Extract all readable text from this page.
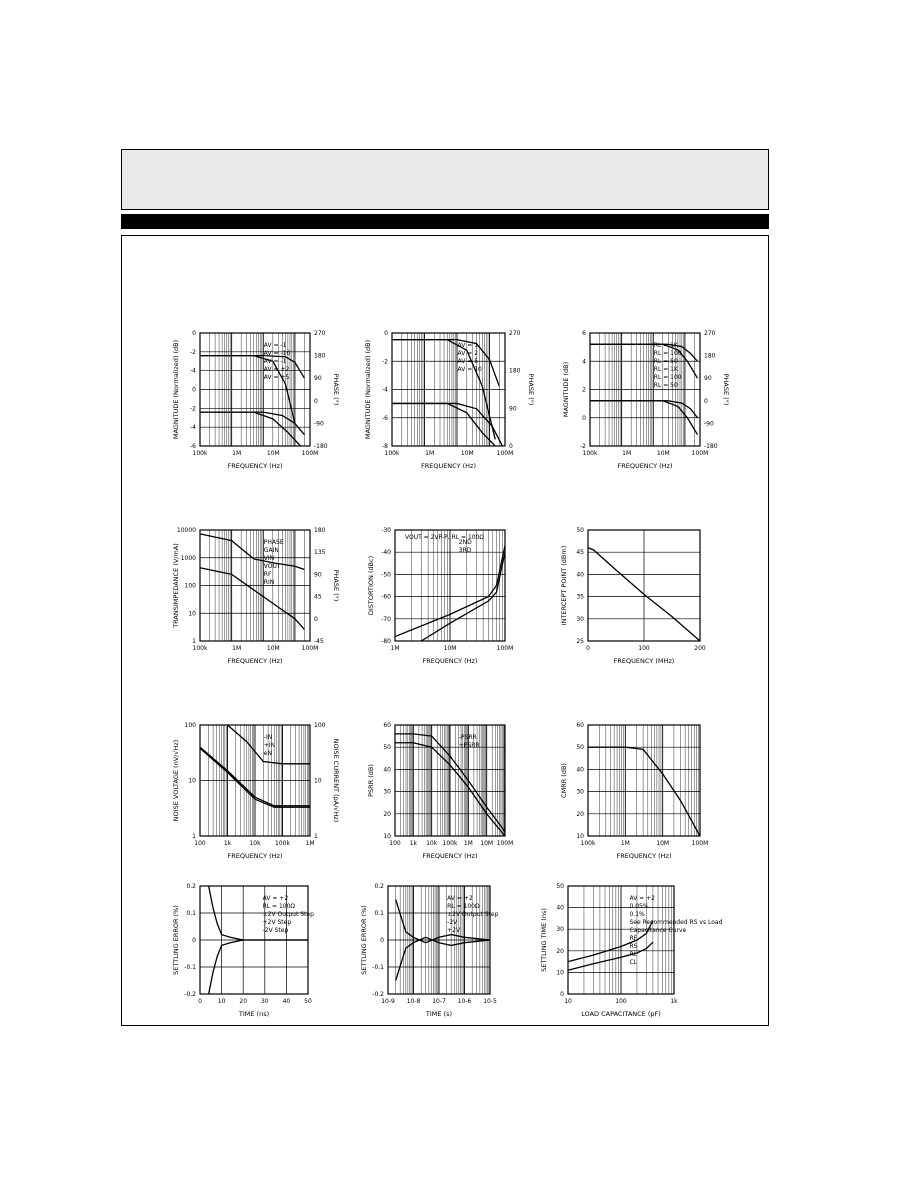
100k	1M	10M	100M
0
-2
-4
0
-2
-4
-6
270
180
90
0
-90
-180
FREQUENCY (Hz)
MAGNITUDE (Normalized) (dB)	PHASE (°)
AV = -1
AV = -10
AV = -1
AV = +2
AV = +5
100k	1M	10M	100M
0
-2
-4
-6
-8
270
180
90
0
FREQUENCY (Hz)
MAGNITUDE (Normalized) (dB)	PHASE (°)
AV = 1
AV = 2
AV = 5
AV = 10
100k	1M	10M	100M
6
4
2
0
-2
270
180
90
0
-90
-180
FREQUENCY (Hz)
MAGNITUDE (dB)	PHASE (°)
RL = 1K
RL = 100
RL = 50
RL = 1K
RL = 100
RL = 50
100k	1M	10M	100M
10000
1000
100
10
1
180
135
90
45
0
-45
FREQUENCY (Hz)
TRANSIMPEDANCE (V/mA)	PHASE (°)
PHASE
GAIN
VIN
VOUT
RF
RIN
1M	10M	100M
-30
-40
-50
-60
-70
-80
FREQUENCY (Hz)
DISTORTION (dBc)
VOUT = 2VP-P, RL = 100Ω
2ND
3RD
0	100	200
50
45
40
35
30
25
FREQUENCY (MHz)
INTERCEPT POINT (dBm)
100	1k	10k 100k	1M
100
10
1
100
10
1
FREQUENCY (Hz)
NOISE VOLTAGE (nV/√Hz)	NOISE CURRENT (pA/√Hz)
-IN
+IN
eN
100 1k 10k 100k 1M 10M 100M
60
50
40
30
20
10
FREQUENCY (Hz)
PSRR (dB)
-PSRR
+PSRR
100k	1M	10M	100M
60
50
40
30
20
10
FREQUENCY (Hz)
CMRR (dB)
0	10 20 30 40 50
0.2
0.1
0
-0.1
-0.2
TIME (ns)
SETTLING ERROR (%)
AV = +2
RL = 100Ω
±2V Output Step
+2V Step
-2V Step
10-9 10-8 10-7 10-6 10-5
0.2
0.1
0
-0.1
-0.2
TIME (s)
SETTLING ERROR (%)
AV = +2
RL = 100Ω
±2V Output Step
-2V
+2V
10	100	1k
50
40
30
20
10
0
LOAD CAPACITANCE (pF)
SETTLING TIME (ns)
AV = +2
0.05%
0.1%
See Recommended RS vs Load
Capacitance Curve
RF
RS
RL
CL
